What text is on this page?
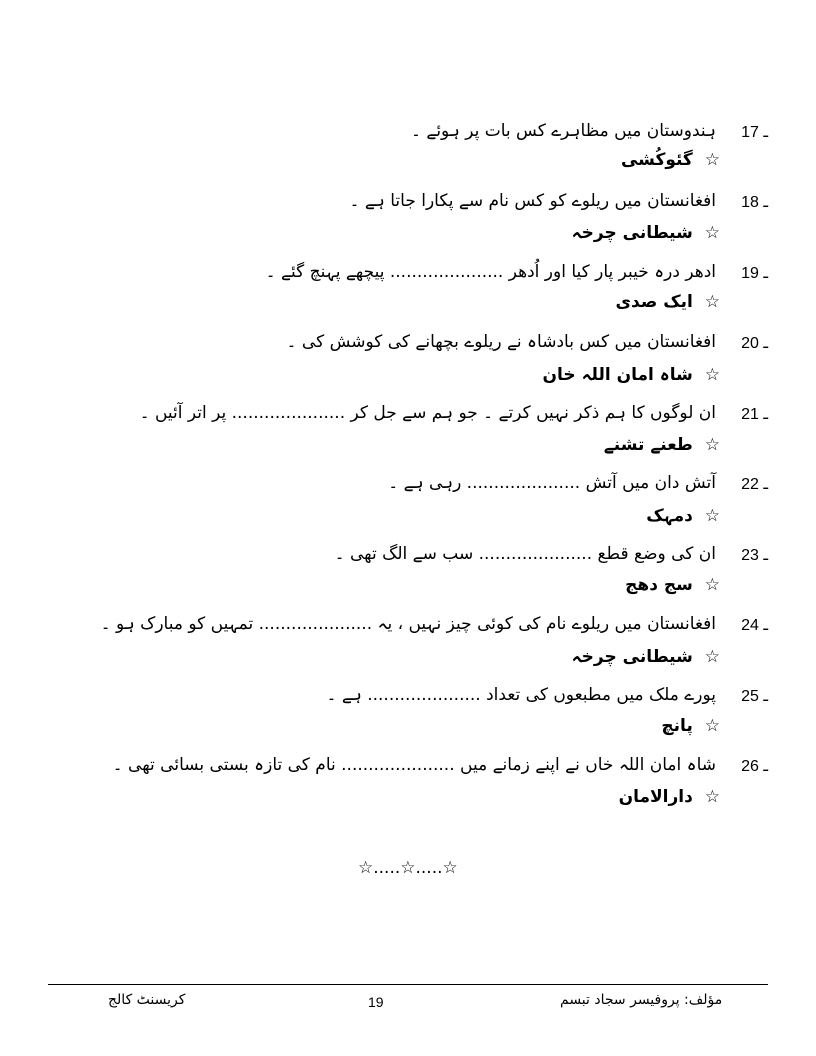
17 ـ
ہندوستان میں مظاہرے کس بات پر ہوئے ۔
☆ گئوکُشی
18 ـ
افغانستان میں ریلوے کو کس نام سے پکارا جاتا ہے ۔
☆ شیطانی چرخہ
19 ـ
ادھر درہ خیبر پار کیا اور اُدھر ..................... پیچھے پہنچ گئے ۔
☆ ایک صدی
20 ـ
افغانستان میں کس بادشاہ نے ریلوے بچھانے کی کوشش کی ۔
☆ شاہ امان اللہ خان
21 ـ
ان لوگوں کا ہم ذکر نہیں کرتے ۔ جو ہم سے جل کر ..................... پر اتر آئیں ۔
☆ طعنے تشنے
22 ـ
آتش دان میں آتش ..................... رہی ہے ۔
☆ دمہک
23 ـ
ان کی وضع قطع ..................... سب سے الگ تھی ۔
☆ سج دھج
24 ـ
افغانستان میں ریلوے نام کی کوئی چیز نہیں ، یہ ..................... تمہیں کو مبارک ہو ۔
☆ شیطانی چرخہ
25 ـ
پورے ملک میں مطبعوں کی تعداد ..................... ہے ۔
☆ پانچ
26 ـ
شاہ امان اللہ خاں نے اپنے زمانے میں ..................... نام کی تازہ بستی بسائی تھی ۔
☆ دارالامان
☆.....☆.....☆
کریسنٹ کالج	19	مؤلف: پروفیسر سجاد تبسم
